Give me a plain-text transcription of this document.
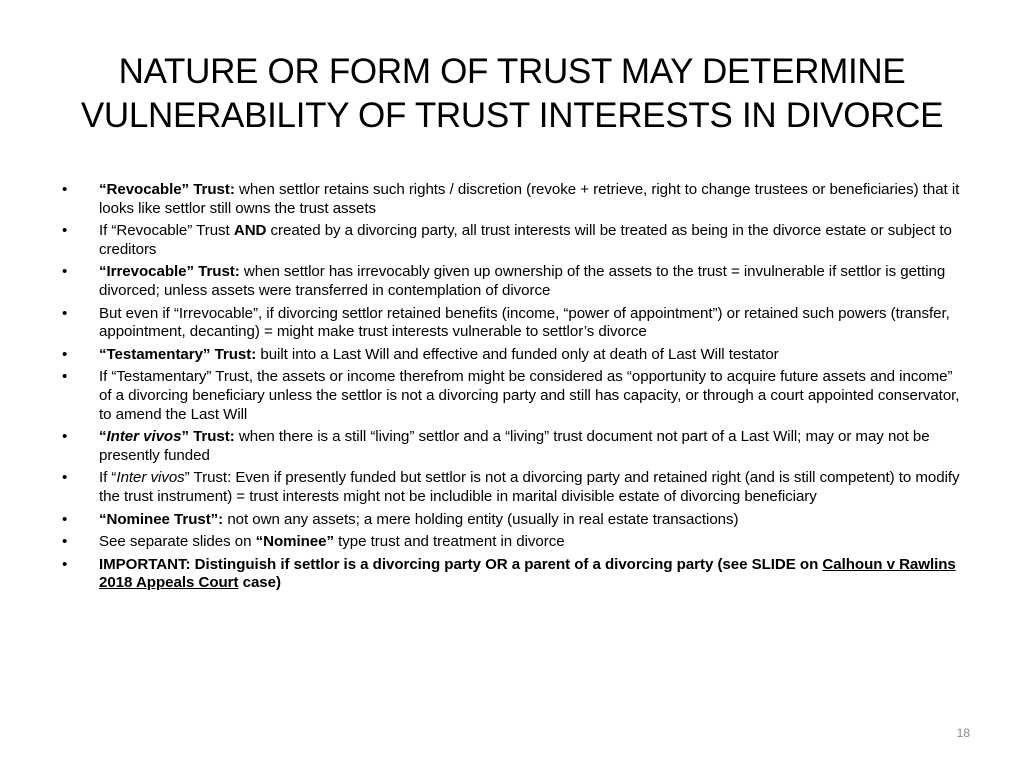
NATURE OR FORM OF TRUST MAY DETERMINE
VULNERABILITY OF TRUST INTERESTS IN DIVORCE
•	“Revocable” Trust: when settlor retains such rights / discretion (revoke + retrieve, right to change trustees or beneficiaries) that it looks like settlor still owns the trust assets
•	If “Revocable” Trust AND created by a divorcing party, all trust interests will be treated as being in the divorce estate or subject to creditors
•	“Irrevocable” Trust: when settlor has irrevocably given up ownership of the assets to the trust = invulnerable if settlor is getting divorced; unless assets were transferred in contemplation of divorce
•	But even if “Irrevocable”, if divorcing settlor retained benefits (income, “power of appointment”) or retained such powers (transfer, appointment, decanting) = might make trust interests vulnerable to settlor’s divorce
•	“Testamentary” Trust: built into a Last Will and effective and funded only at death of Last Will testator
•	If “Testamentary” Trust, the assets or income therefrom might be considered as “opportunity to acquire future assets and income” of a divorcing beneficiary unless the settlor is not a divorcing party and still has capacity, or through a court appointed conservator, to amend the Last Will
•	“Inter vivos” Trust: when there is a still “living” settlor and a “living” trust document not part of a Last Will; may or may not be presently funded
•	If “Inter vivos” Trust: Even if presently funded but settlor is not a divorcing party and retained right (and is still competent) to modify the trust instrument) = trust interests might not be includible in marital divisible estate of divorcing beneficiary
•	“Nominee Trust”: not own any assets; a mere holding entity (usually in real estate transactions)
•	See separate slides on “Nominee” type trust and treatment in divorce
•	IMPORTANT: Distinguish if settlor is a divorcing party OR a parent of a divorcing party (see SLIDE on Calhoun v Rawlins 2018 Appeals Court case)
18
